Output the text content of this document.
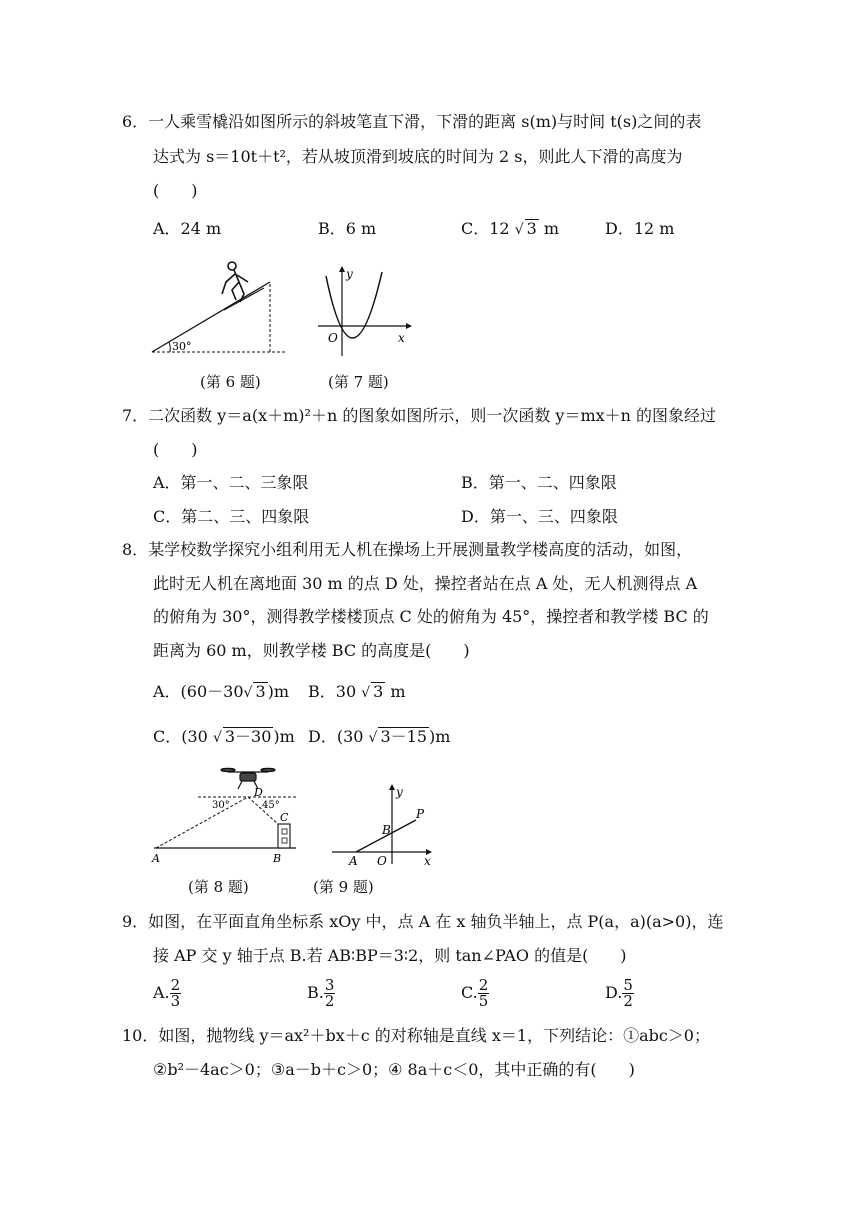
6．一人乘雪橇沿如图所示的斜坡笔直下滑，下滑的距离 s(m)与时间 t(s)之间的表
达式为 s＝10t＋t²，若从坡顶滑到坡底的时间为 2 s，则此人下滑的高度为
(　　)
A．24 m	B．6 m	C．12 √ 3 m	D．12 m
30°
(第 6 题)
y
O	x
(第 7 题)
7．二次函数 y＝a(x＋m)²＋n 的图象如图所示，则一次函数 y＝mx＋n 的图象经过
(　　)
A．第一、二、三象限	B．第一、二、四象限
C．第二、三、四象限	D．第一、三、四象限
8．某学校数学探究小组利用无人机在操场上开展测量教学楼高度的活动，如图，
此时无人机在离地面 30 m 的点 D 处，操控者站在点 A 处，无人机测得点 A
的俯角为 30°，测得教学楼楼顶点 C 处的俯角为 45°，操控者和教学楼 BC 的
距离为 60 m，则教学楼 BC 的高度是(　　)
A．(60－30√ 3 )m B．30 √ 3 m
C．(30 √ 3－30 )m D．(30 √ 3－15 )m
D
30°	45°
C
A	B
(第 8 题)
y
P
B
A O	x
(第 9 题)
9．如图，在平面直角坐标系 xOy 中，点 A 在 x 轴负半轴上，点 P(a，a)(a>0)，连
接 AP 交 y 轴于点 B.若 AB∶BP＝3∶2，则 tan∠PAO 的值是(　　)
A. $\frac{2}{3}$	B. $\frac{3}{2}$	C. $\frac{2}{5}$	D. $\frac{5}{2}$
10．如图，抛物线 y＝ax²＋bx＋c 的对称轴是直线 x＝1，下列结论：①abc＞0；
②b²－4ac＞0；③a－b＋c＞0；④ 8a＋c＜0，其中正确的有(　　)
